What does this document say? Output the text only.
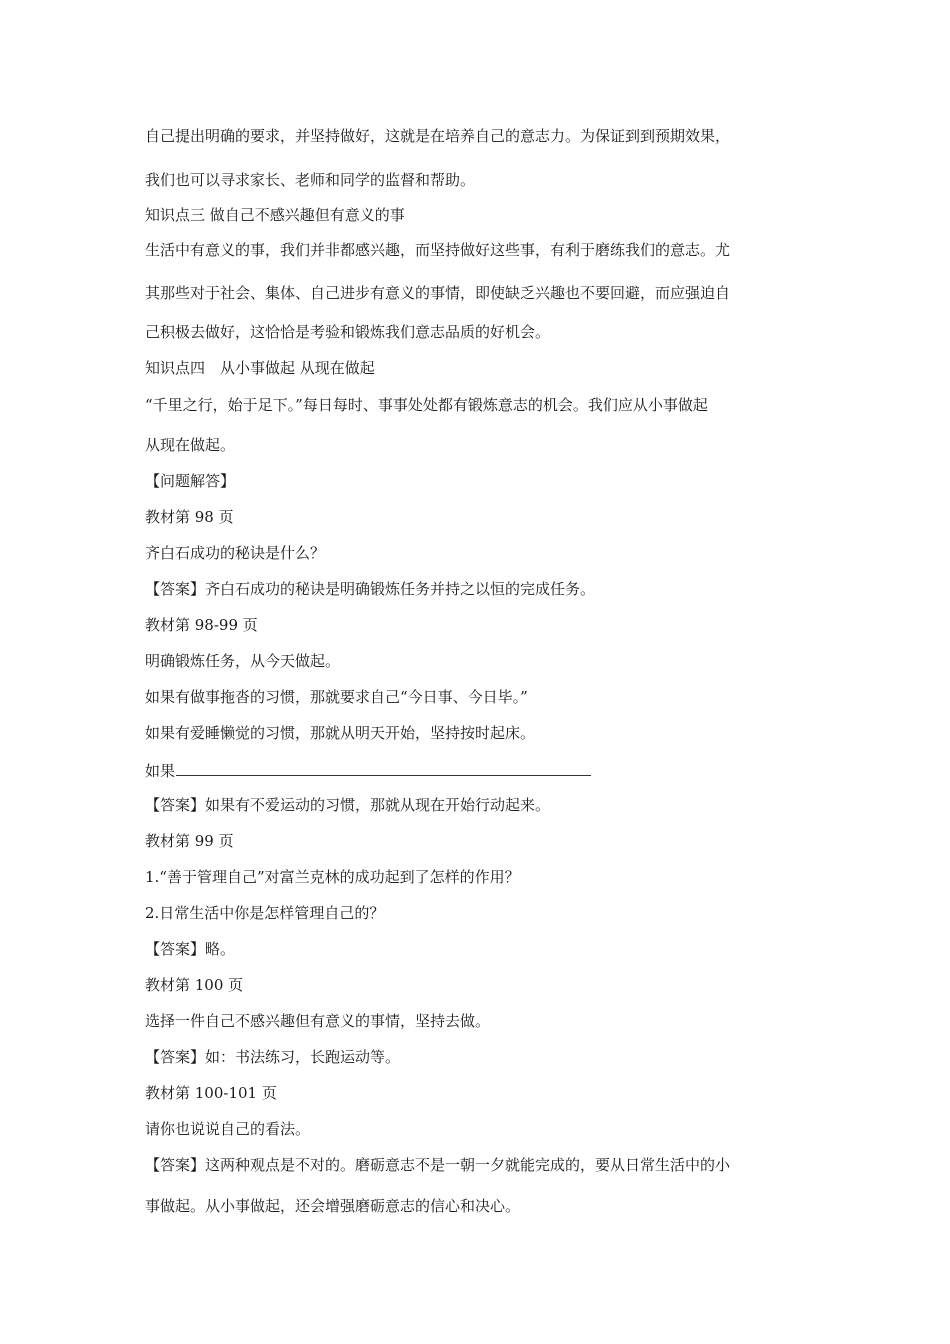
自己提出明确的要求，并坚持做好，这就是在培养自己的意志力。为保证到到预期效果，
我们也可以寻求家长、老师和同学的监督和帮助。
知识点三 做自己不感兴趣但有意义的事
生活中有意义的事，我们并非都感兴趣，而坚持做好这些事，有利于磨练我们的意志。尤
其那些对于社会、集体、自己进步有意义的事情，即使缺乏兴趣也不要回避，而应强迫自
己积极去做好，这恰恰是考验和锻炼我们意志品质的好机会。
知识点四　从小事做起 从现在做起
“千里之行，始于足下。”每日每时、事事处处都有锻炼意志的机会。我们应从小事做起
从现在做起。
【问题解答】
教材第 98 页
齐白石成功的秘诀是什么？
【答案】齐白石成功的秘诀是明确锻炼任务并持之以恒的完成任务。
教材第 98-99 页
明确锻炼任务，从今天做起。
如果有做事拖沓的习惯，那就要求自己“今日事、今日毕。”
如果有爱睡懒觉的习惯，那就从明天开始，坚持按时起床。
如果
【答案】如果有不爱运动的习惯，那就从现在开始行动起来。
教材第 99 页
1.“善于管理自己”对富兰克林的成功起到了怎样的作用？
2.日常生活中你是怎样管理自己的？
【答案】略。
教材第 100 页
选择一件自己不感兴趣但有意义的事情，坚持去做。
【答案】如：书法练习，长跑运动等。
教材第 100-101 页
请你也说说自己的看法。
【答案】这两种观点是不对的。磨砺意志不是一朝一夕就能完成的，要从日常生活中的小
事做起。从小事做起，还会增强磨砺意志的信心和决心。
